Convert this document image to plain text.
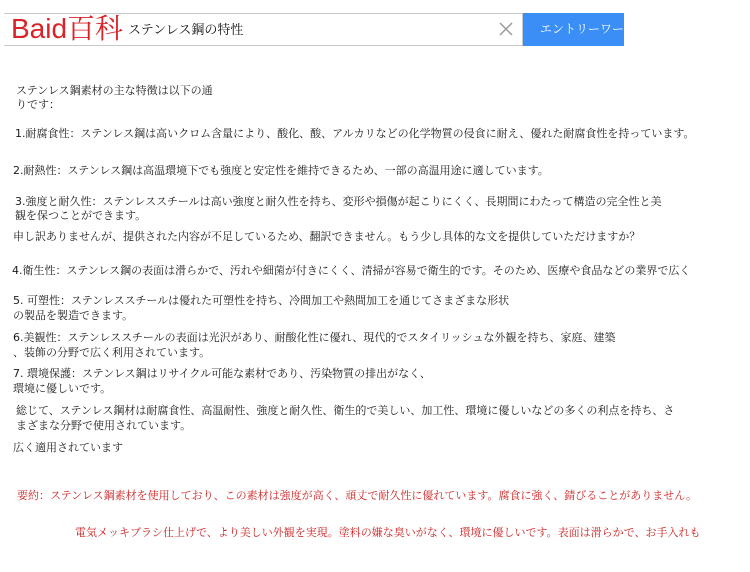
Baid百科 ステンレス鋼の特性	エントリーワード

ステンレス鋼素材の主な特徴は以下の通

りです：

1.耐腐食性：ステンレス鋼は高いクロム含量により、酸化、酸、アルカリなどの化学物質の侵食に耐え、優れた耐腐食性を持っています。

2.耐熱性：ステンレス鋼は高温環境下でも強度と安定性を維持できるため、一部の高温用途に適しています。

3.強度と耐久性：ステンレススチールは高い強度と耐久性を持ち、変形や損傷が起こりにくく、長期間にわたって構造の完全性と美

観を保つことができます。

申し訳ありませんが、提供された内容が不足しているため、翻訳できません。もう少し具体的な文を提供していただけますか？

4.衛生性：ステンレス鋼の表面は滑らかで、汚れや細菌が付きにくく、清掃が容易で衛生的です。そのため、医療や食品などの業界で広く

5. 可塑性：ステンレススチールは優れた可塑性を持ち、冷間加工や熱間加工を通じてさまざまな形状

の製品を製造できます。

6.美観性：ステンレススチールの表面は光沢があり、耐酸化性に優れ、現代的でスタイリッシュな外観を持ち、家庭、建築

、装飾の分野で広く利用されています。

7. 環境保護：ステンレス鋼はリサイクル可能な素材であり、汚染物質の排出がなく、

環境に優しいです。

総じて、ステンレス鋼材は耐腐食性、高温耐性、強度と耐久性、衛生的で美しい、加工性、環境に優しいなどの多くの利点を持ち、さ

まざまな分野で使用されています。

広く適用されています

要約：ステンレス鋼素材を使用しており、この素材は強度が高く、頑丈で耐久性に優れています。腐食に強く、錆びることがありません。

電気メッキブラシ仕上げで、より美しい外観を実現。塗料の嫌な臭いがなく、環境に優しいです。表面は滑らかで、お手入れも
